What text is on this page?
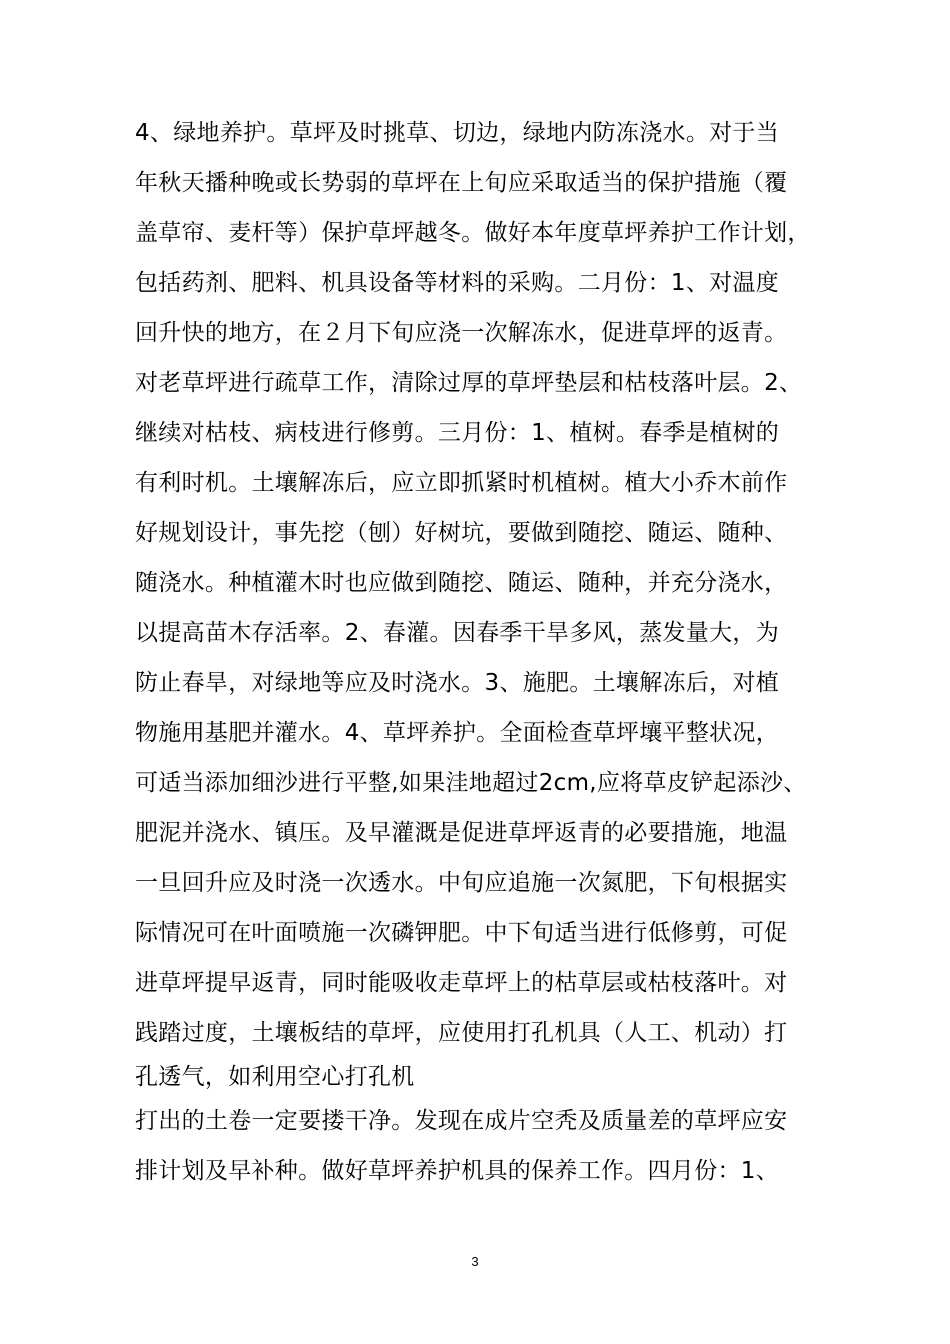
4、绿地养护。草坪及时挑草、切边，绿地内防冻浇水。对于当
年秋天播种晚或长势弱的草坪在上旬应采取适当的保护措施（覆
盖草帘、麦杆等）保护草坪越冬。做好本年度草坪养护工作计划，
包括药剂、肥料、机具设备等材料的采购。二月份：1、对温度
回升快的地方，在２月下旬应浇一次解冻水，促进草坪的返青。
对老草坪进行疏草工作，清除过厚的草坪垫层和枯枝落叶层。2、
继续对枯枝、病枝进行修剪。三月份：1、植树。春季是植树的
有利时机。土壤解冻后，应立即抓紧时机植树。植大小乔木前作
好规划设计，事先挖（刨）好树坑，要做到随挖、随运、随种、
随浇水。种植灌木时也应做到随挖、随运、随种，并充分浇水，
以提高苗木存活率。2、春灌。因春季干旱多风，蒸发量大，为
防止春旱，对绿地等应及时浇水。3、施肥。土壤解冻后，对植
物施用基肥并灌水。4、草坪养护。全面检查草坪壤平整状况，
可适当添加细沙进行平整,如果洼地超过2cm,应将草皮铲起添沙、
肥泥并浇水、镇压。及早灌溉是促进草坪返青的必要措施，地温
一旦回升应及时浇一次透水。中旬应追施一次氮肥，下旬根据实
际情况可在叶面喷施一次磷钾肥。中下旬适当进行低修剪，可促
进草坪提早返青，同时能吸收走草坪上的枯草层或枯枝落叶。对
践踏过度，土壤板结的草坪，应使用打孔机具（人工、机动）打
孔透气，如利用空心打孔机
打出的土卷一定要搂干净。发现在成片空秃及质量差的草坪应安
排计划及早补种。做好草坪养护机具的保养工作。四月份：1、
3
